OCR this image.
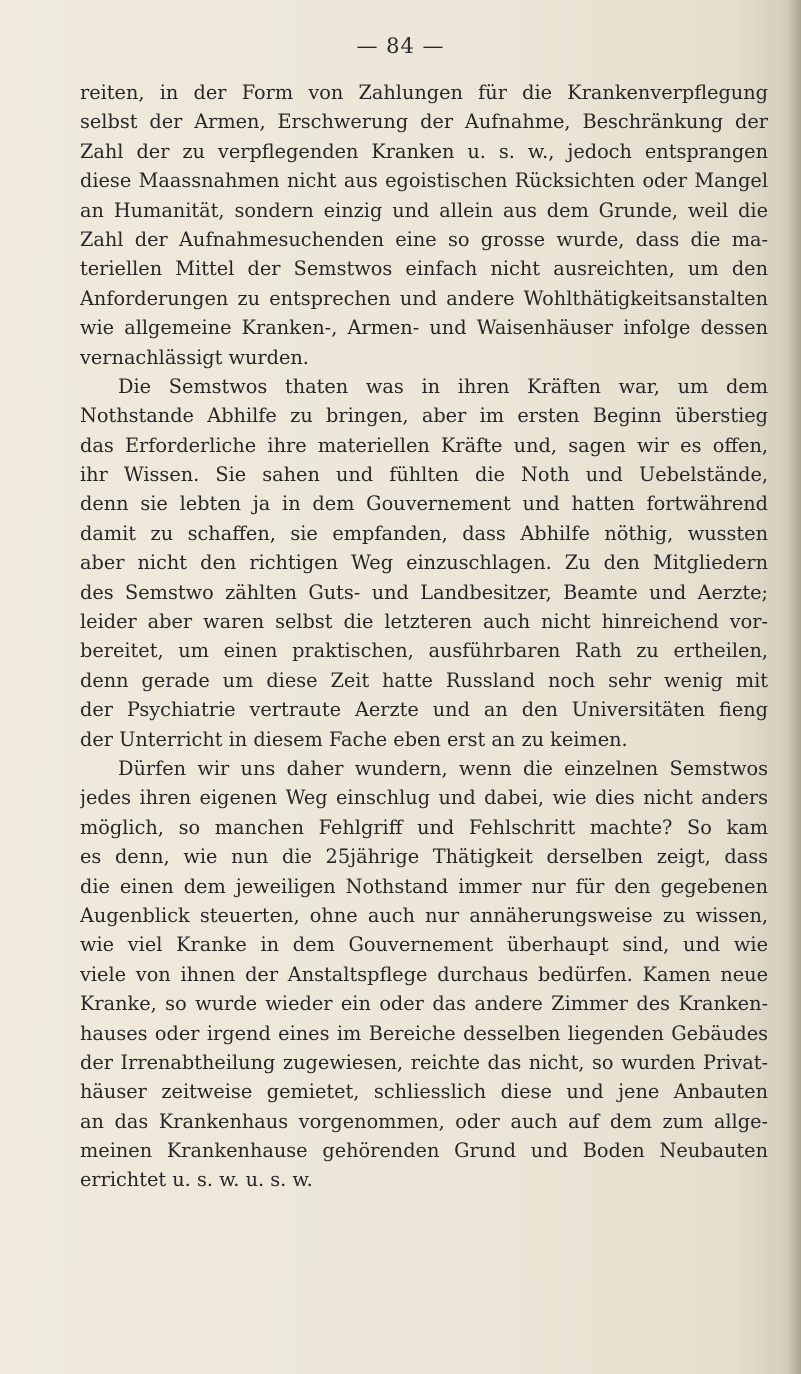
— 84 —
reiten, in der Form von Zahlungen für die Krankenverpflegung
selbst der Armen, Erschwerung der Aufnahme, Beschränkung der
Zahl der zu verpflegenden Kranken u. s. w., jedoch entsprangen
diese Maassnahmen nicht aus egoistischen Rücksichten oder Mangel
an Humanität, sondern einzig und allein aus dem Grunde, weil die
Zahl der Aufnahmesuchenden eine so grosse wurde, dass die ma-
teriellen Mittel der Semstwos einfach nicht ausreichten, um den
Anforderungen zu entsprechen und andere Wohlthätigkeitsanstalten
wie allgemeine Kranken-, Armen- und Waisenhäuser infolge dessen
vernachlässigt wurden.
Die Semstwos thaten was in ihren Kräften war, um dem
Nothstande Abhilfe zu bringen, aber im ersten Beginn überstieg
das Erforderliche ihre materiellen Kräfte und, sagen wir es offen,
ihr Wissen. Sie sahen und fühlten die Noth und Uebelstände,
denn sie lebten ja in dem Gouvernement und hatten fortwährend
damit zu schaffen, sie empfanden, dass Abhilfe nöthig, wussten
aber nicht den richtigen Weg einzuschlagen. Zu den Mitgliedern
des Semstwo zählten Guts- und Landbesitzer, Beamte und Aerzte;
leider aber waren selbst die letzteren auch nicht hinreichend vor-
bereitet, um einen praktischen, ausführbaren Rath zu ertheilen,
denn gerade um diese Zeit hatte Russland noch sehr wenig mit
der Psychiatrie vertraute Aerzte und an den Universitäten fieng
der Unterricht in diesem Fache eben erst an zu keimen.
Dürfen wir uns daher wundern, wenn die einzelnen Semstwos
jedes ihren eigenen Weg einschlug und dabei, wie dies nicht anders
möglich, so manchen Fehlgriff und Fehlschritt machte? So kam
es denn, wie nun die 25jährige Thätigkeit derselben zeigt, dass
die einen dem jeweiligen Nothstand immer nur für den gegebenen
Augenblick steuerten, ohne auch nur annäherungsweise zu wissen,
wie viel Kranke in dem Gouvernement überhaupt sind, und wie
viele von ihnen der Anstaltspflege durchaus bedürfen. Kamen neue
Kranke, so wurde wieder ein oder das andere Zimmer des Kranken-
hauses oder irgend eines im Bereiche desselben liegenden Gebäudes
der Irrenabtheilung zugewiesen, reichte das nicht, so wurden Privat-
häuser zeitweise gemietet, schliesslich diese und jene Anbauten
an das Krankenhaus vorgenommen, oder auch auf dem zum allge-
meinen Krankenhause gehörenden Grund und Boden Neubauten
errichtet u. s. w. u. s. w.
